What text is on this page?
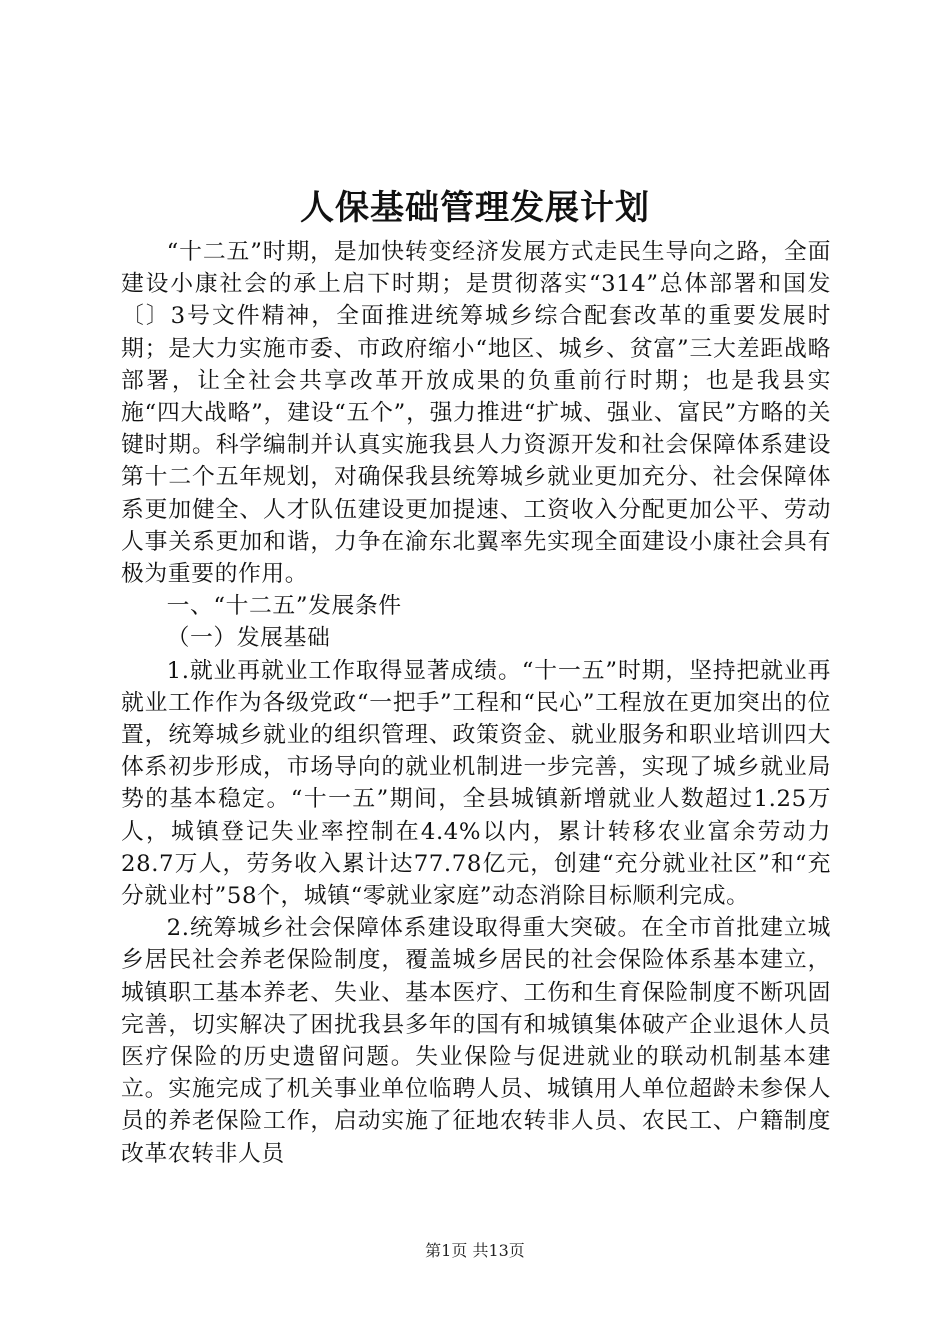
人保基础管理发展计划

“十二五”时期，是加快转变经济发展方式走民生导向之路，全面建设小康社会的承上启下时期；是贯彻落实“314”总体部署和国发〔〕3号文件精神，全面推进统筹城乡综合配套改革的重要发展时期；是大力实施市委、市政府缩小“地区、城乡、贫富”三大差距战略部署，让全社会共享改革开放成果的负重前行时期；也是我县实施“四大战略”，建设“五个”，强力推进“扩城、强业、富民”方略的关键时期。科学编制并认真实施我县人力资源开发和社会保障体系建设第十二个五年规划，对确保我县统筹城乡就业更加充分、社会保障体系更加健全、人才队伍建设更加提速、工资收入分配更加公平、劳动人事关系更加和谐，力争在渝东北翼率先实现全面建设小康社会具有极为重要的作用。

一、“十二五”发展条件

（一）发展基础

1.就业再就业工作取得显著成绩。“十一五”时期，坚持把就业再就业工作作为各级党政“一把手”工程和“民心”工程放在更加突出的位置，统筹城乡就业的组织管理、政策资金、就业服务和职业培训四大体系初步形成，市场导向的就业机制进一步完善，实现了城乡就业局势的基本稳定。“十一五”期间，全县城镇新增就业人数超过1.25万人，城镇登记失业率控制在4.4%以内，累计转移农业富余劳动力28.7万人，劳务收入累计达77.78亿元，创建“充分就业社区”和“充分就业村”58个，城镇“零就业家庭”动态消除目标顺利完成。

2.统筹城乡社会保障体系建设取得重大突破。在全市首批建立城乡居民社会养老保险制度，覆盖城乡居民的社会保险体系基本建立，城镇职工基本养老、失业、基本医疗、工伤和生育保险制度不断巩固完善，切实解决了困扰我县多年的国有和城镇集体破产企业退休人员医疗保险的历史遗留问题。失业保险与促进就业的联动机制基本建立。实施完成了机关事业单位临聘人员、城镇用人单位超龄未参保人员的养老保险工作，启动实施了征地农转非人员、农民工、户籍制度改革农转非人员

第1页 共13页
